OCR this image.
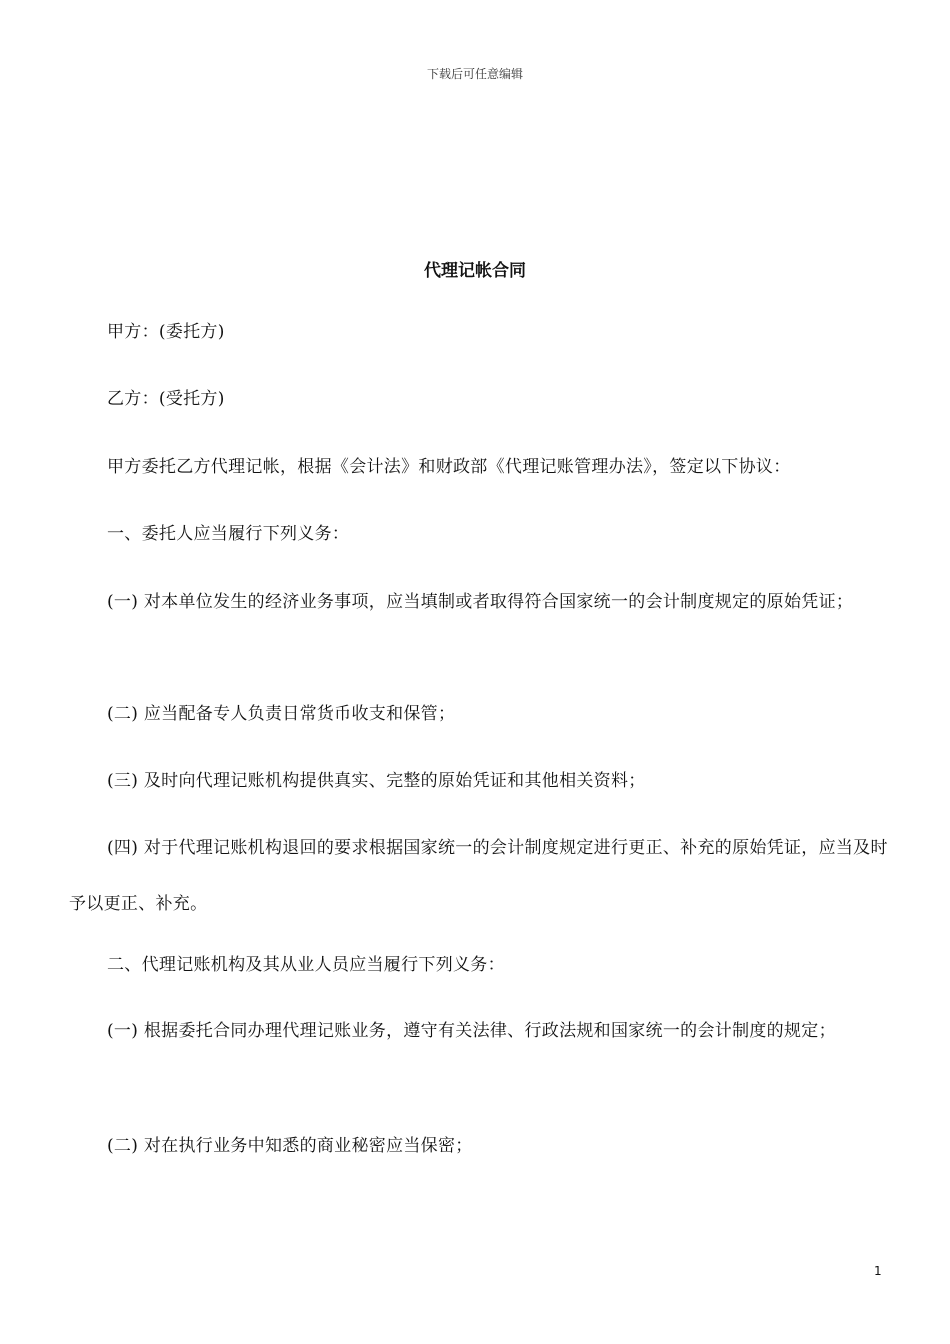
下载后可任意编辑
代理记帐合同

甲方：(委托方)

乙方：(受托方)

甲方委托乙方代理记帐，根据《会计法》和财政部《代理记账管理办法》，签定以下协议：

一、委托人应当履行下列义务：

(一) 对本单位发生的经济业务事项，应当填制或者取得符合国家统一的会计制度规定的原始凭证；

(二) 应当配备专人负责日常货币收支和保管；

(三) 及时向代理记账机构提供真实、完整的原始凭证和其他相关资料；

(四) 对于代理记账机构退回的要求根据国家统一的会计制度规定进行更正、补充的原始凭证，应当及时予以更正、补充。

二、代理记账机构及其从业人员应当履行下列义务：

(一) 根据委托合同办理代理记账业务，遵守有关法律、行政法规和国家统一的会计制度的规定；

(二) 对在执行业务中知悉的商业秘密应当保密；

1
